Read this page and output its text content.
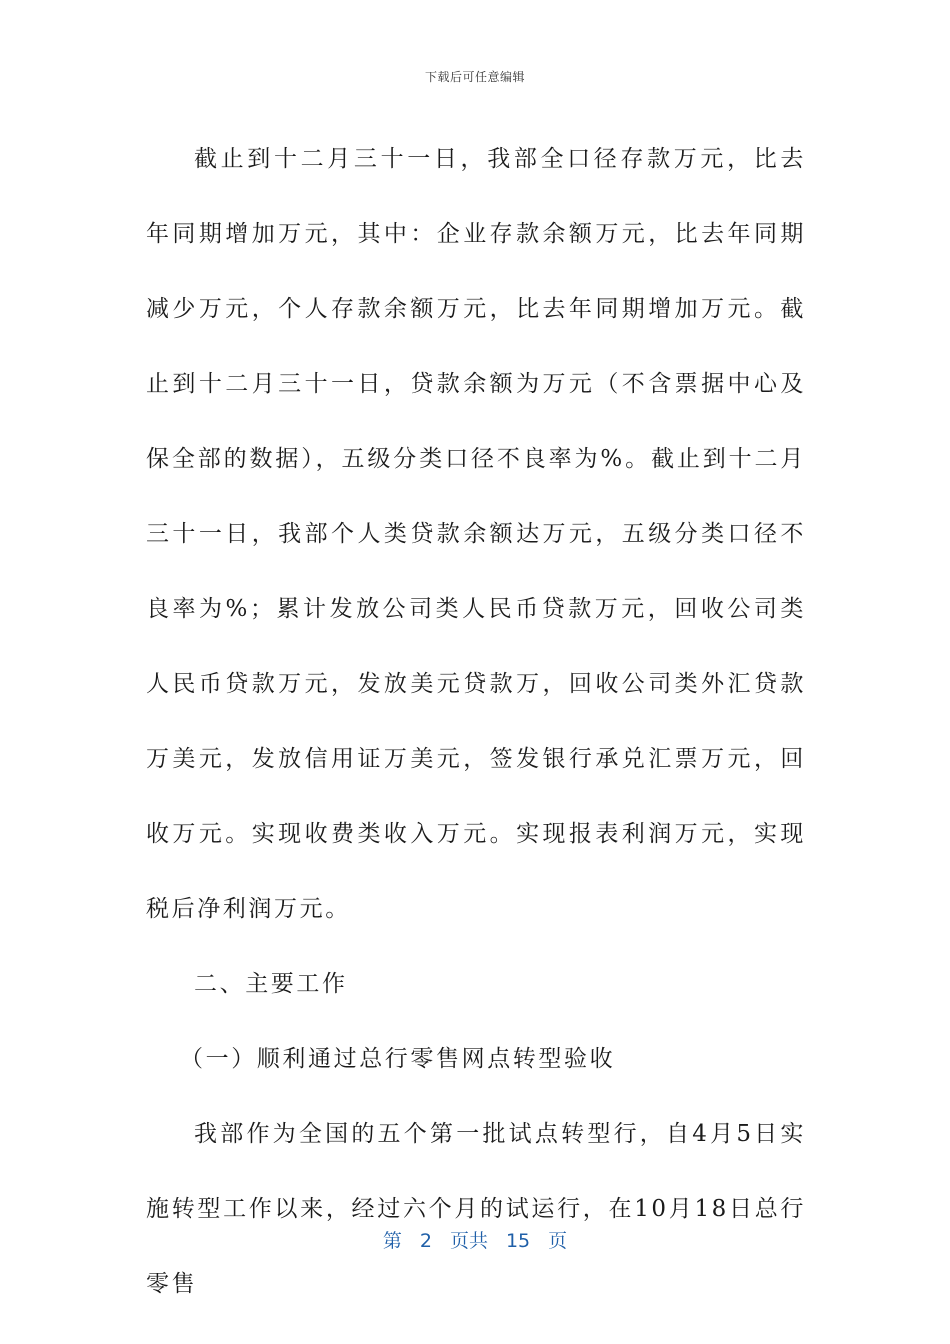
下载后可任意编辑

截止到十二月三十一日，我部全口径存款万元，比去年同期增加万元，其中：企业存款余额万元，比去年同期减少万元，个人存款余额万元，比去年同期增加万元。截止到十二月三十一日，贷款余额为万元（不含票据中心及保全部的数据），五级分类口径不良率为%。截止到十二月三十一日，我部个人类贷款余额达万元，五级分类口径不良率为%；累计发放公司类人民币贷款万元，回收公司类人民币贷款万元，发放美元贷款万，回收公司类外汇贷款万美元，发放信用证万美元，签发银行承兑汇票万元，回收万元。实现收费类收入万元。实现报表利润万元，实现税后净利润万元。

二、主要工作

（一）顺利通过总行零售网点转型验收

我部作为全国的五个第一批试点转型行，自4月5日实施转型工作以来，经过六个月的试运行，在10月18日总行零售

第 2 页共 15 页
